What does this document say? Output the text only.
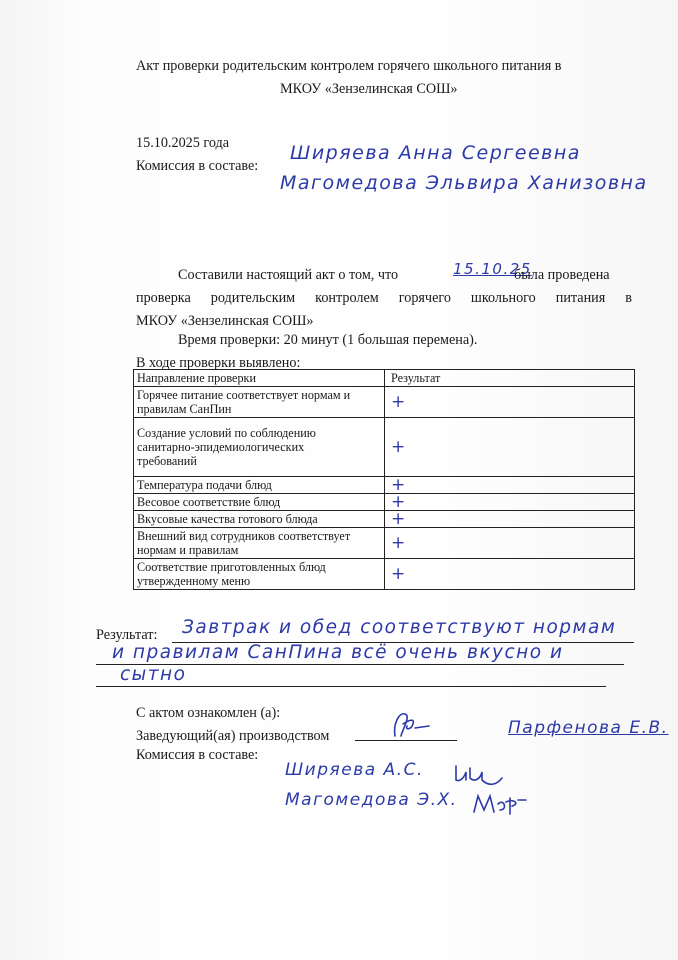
Акт проверки родительским контролем горячего школьного питания в
МКОУ «Зензелинская СОШ»
15.10.2025 года
Комиссия в составе:
Ширяева Анна Сергеевна
Магомедова Эльвира Ханизовна
Составили настоящий акт о том, что	15.10.25
была проведена
проверка родительским контролем горячего школьного питания в
МКОУ «Зензелинская СОШ»
Время проверки: 20 минут (1 большая перемена).
В ходе проверки выявлено:
Направление проверки	Результат
Горячее питание соответствует нормам и
правилам СанПин	+
Создание условий по соблюдению
санитарно-эпидемиологических
требований	+
Температура подачи блюд	+
Весовое соответствие блюд	+
Вкусовые качества готового блюда	+
Внешний вид сотрудников соответствует
нормам и правилам	+
Соответствие приготовленных блюд
утвержденному меню	+
Результат: Завтрак и обед соответствуют нормам
и правилам СанПина всё очень вкусно и
сытно
С актом ознакомлен (а):
Заведующий(ая) производством	Парфенова Е.В.
Комиссия в составе:
Ширяева А.С.
Магомедова Э.Х.
